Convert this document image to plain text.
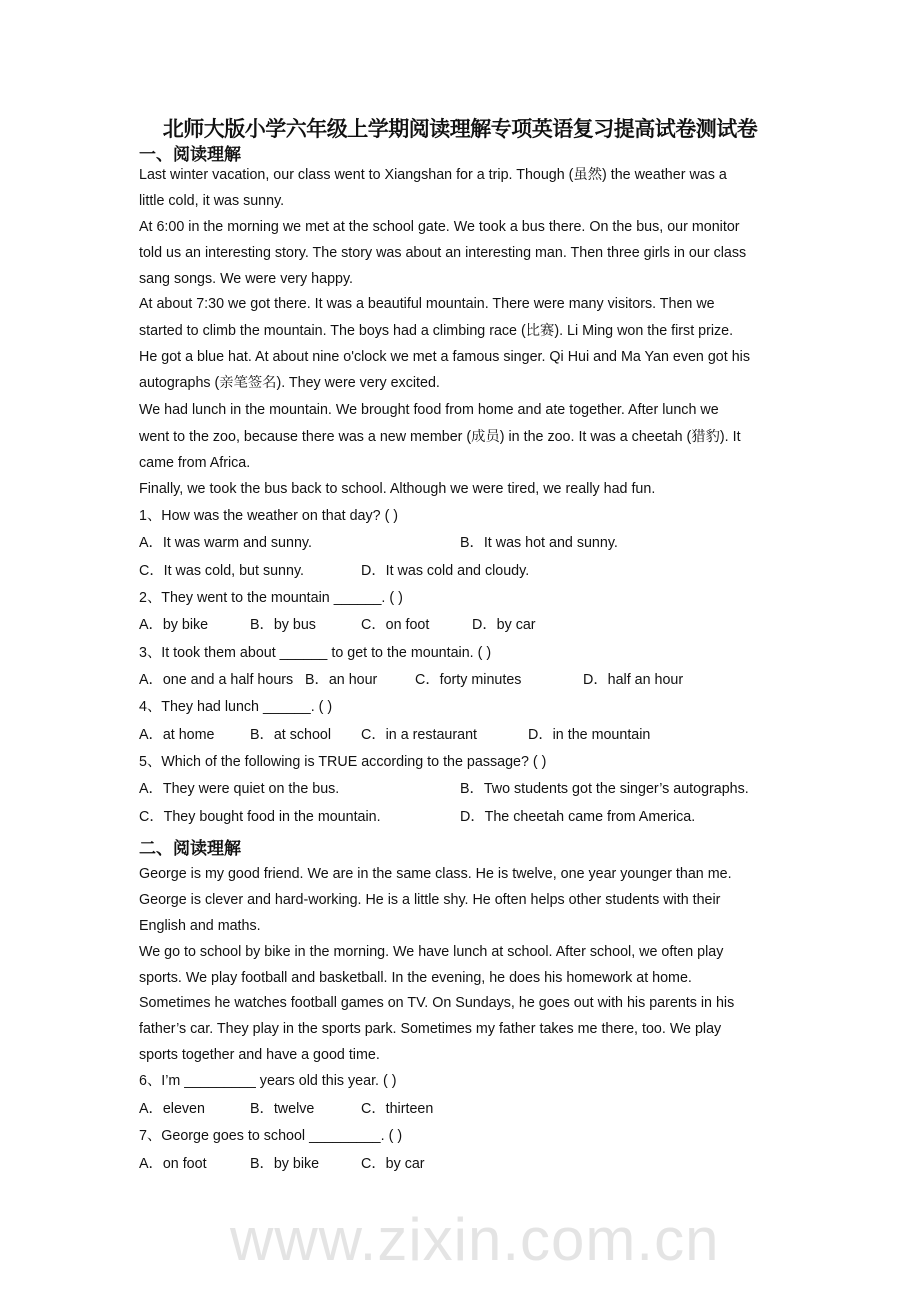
北师大版小学六年级上学期阅读理解专项英语复习提高试卷测试卷
www.zixin.com.cn
一、阅读理解
Last winter vacation, our class went to Xiangshan for a trip. Though (虽然) the weather was a
little cold, it was sunny.
At 6:00 in the morning we met at the school gate. We took a bus there. On the bus, our monitor
told us an interesting story. The story was about an interesting man. Then three girls in our class
sang songs. We were very happy.
At about 7:30 we got there. It was a beautiful mountain. There were many visitors. Then we
started to climb the mountain. The boys had a climbing race (比赛). Li Ming won the first prize.
He got a blue hat. At about nine o'clock we met a famous singer. Qi Hui and Ma Yan even got his
autographs (亲笔签名). They were very excited.
We had lunch in the mountain. We brought food from home and ate together. After lunch we
went to the zoo, because there was a new member (成员) in the zoo. It was a cheetah (猎豹). It
came from Africa.
Finally, we took the bus back to school. Although we were tired, we really had fun.
1、How was the weather on that day? ( )
A．It was warm and sunny.	B．It was hot and sunny.
C．It was cold, but sunny.	D．It was cold and cloudy.
2、They went to the mountain ______. ( )
A．by bike	B．by bus	C．on foot	D．by car
3、It took them about ______ to get to the mountain. ( )
A．one and a half hours B．an hour	C．forty minutes	D．half an hour
4、They had lunch ______. ( )
A．at home B．at school C．in a restaurant	D．in the mountain
5、Which of the following is TRUE according to the passage? ( )
A．They were quiet on the bus.	B．Two students got the singer’s autographs.
C．They bought food in the mountain.	D．The cheetah came from America.
二、阅读理解
George is my good friend. We are in the same class. He is twelve, one year younger than me.
George is clever and hard-working. He is a little shy. He often helps other students with their
English and maths.
We go to school by bike in the morning. We have lunch at school. After school, we often play
sports. We play football and basketball. In the evening, he does his homework at home.
Sometimes he watches football games on TV. On Sundays, he goes out with his parents in his
father’s car. They play in the sports park. Sometimes my father takes me there, too. We play
sports together and have a good time.
6、I’m _________ years old this year. ( )
A．eleven	B．twelve	C．thirteen
7、George goes to school _________. ( )
A．on foot	B．by bike	C．by car
